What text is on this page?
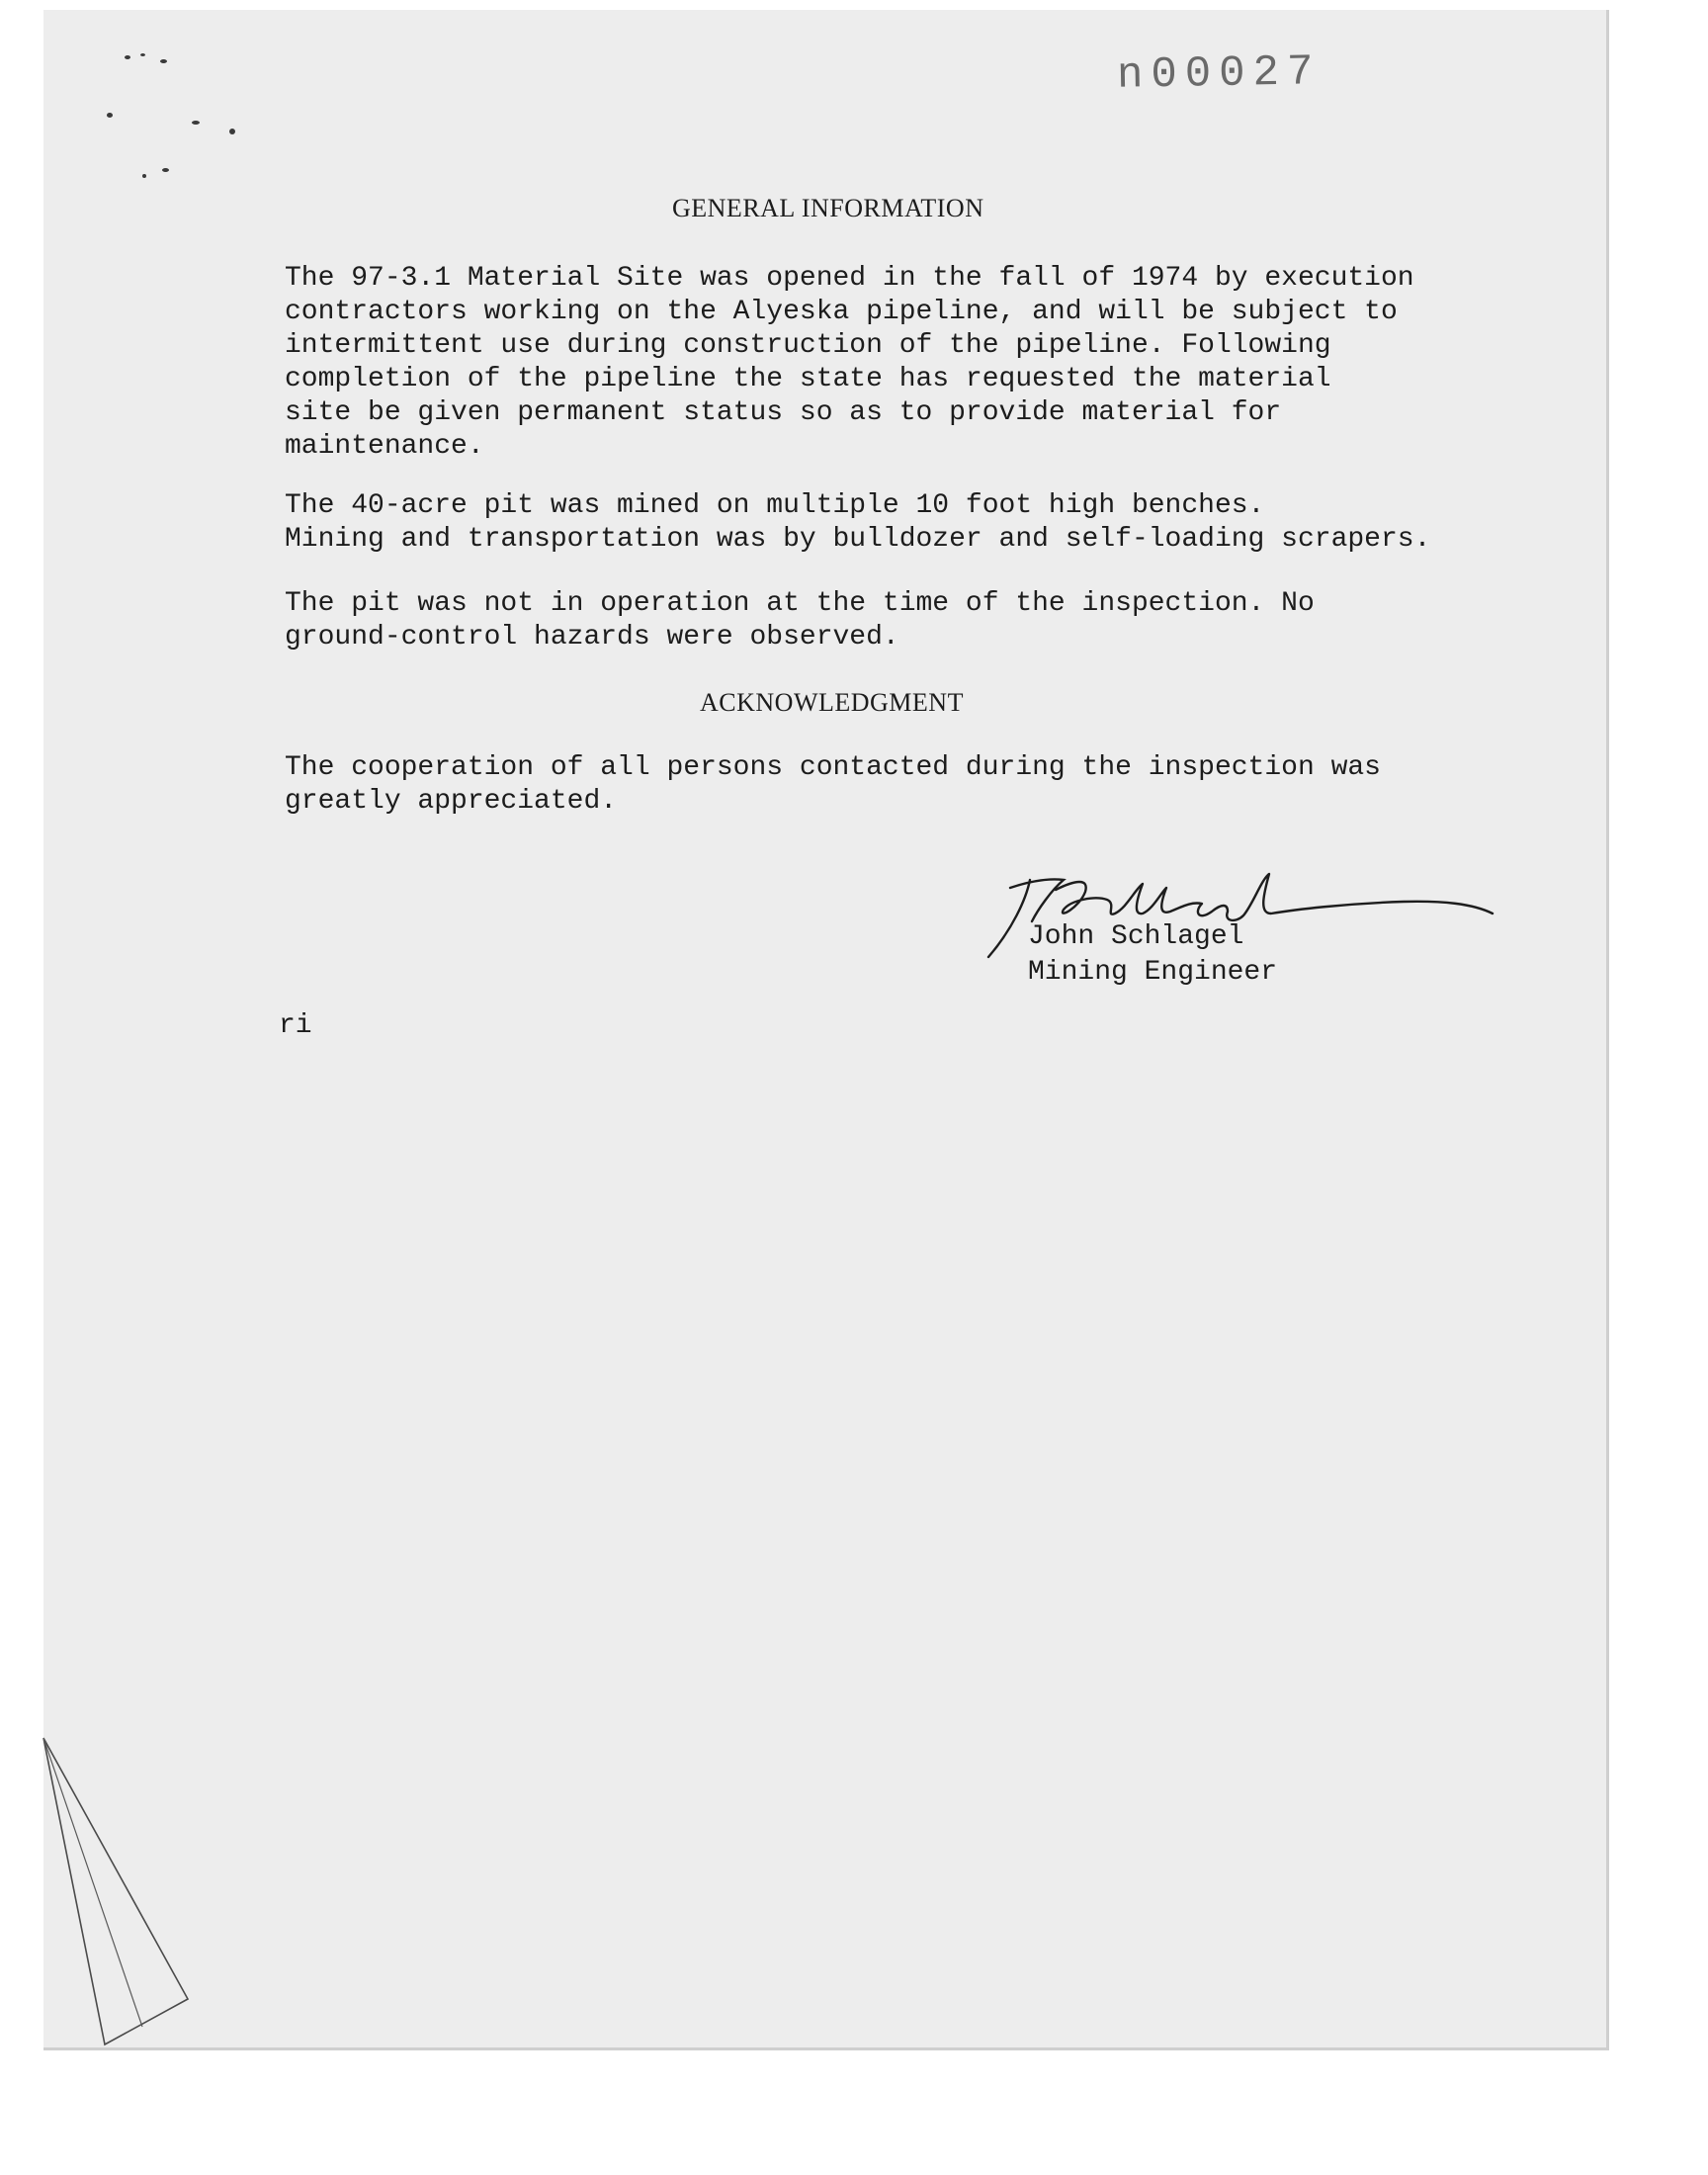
n00027
GENERAL INFORMATION
The 97-3.1 Material Site was opened in the fall of 1974 by execution
contractors working on the Alyeska pipeline, and will be subject to
intermittent use during construction of the pipeline. Following
completion of the pipeline the state has requested the material
site be given permanent status so as to provide material for
maintenance.
The 40-acre pit was mined on multiple 10 foot high benches.
Mining and transportation was by bulldozer and self-loading scrapers.
The pit was not in operation at the time of the inspection. No
ground-control hazards were observed.
ACKNOWLEDGMENT
The cooperation of all persons contacted during the inspection was
greatly appreciated.
John Schlagel
Mining Engineer
ri
